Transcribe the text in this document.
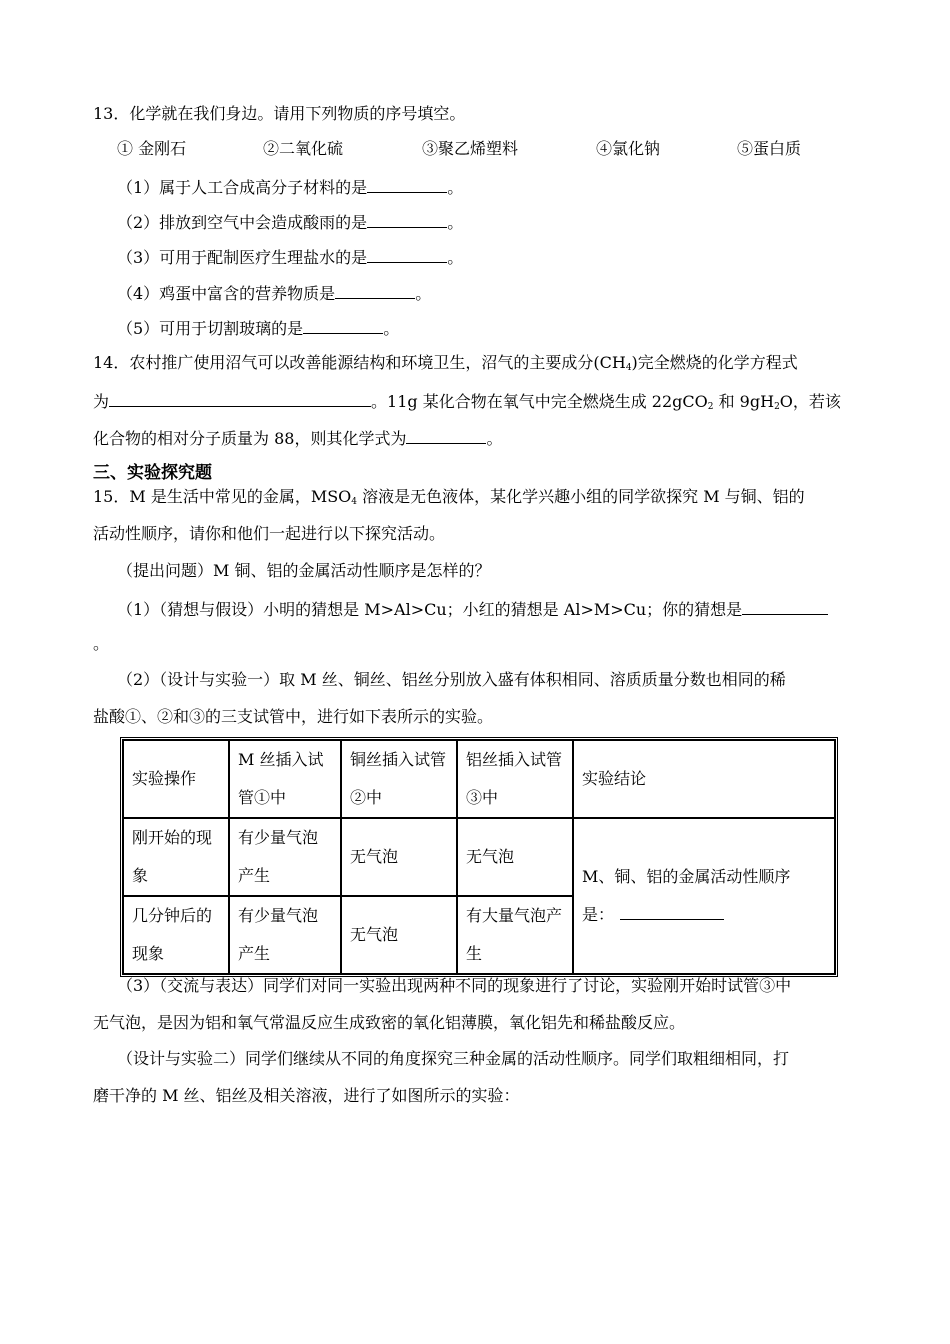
13．化学就在我们身边。请用下列物质的序号填空。
① 金刚石	②二氧化硫	③聚乙烯塑料	④氯化钠	⑤蛋白质
（1）属于人工合成高分子材料的是	。
（2）排放到空气中会造成酸雨的是	。
（3）可用于配制医疗生理盐水的是	。
（4）鸡蛋中富含的营养物质是	。
（5）可用于切割玻璃的是	。
14．农村推广使用沼气可以改善能源结构和环境卫生，沼气的主要成分$(CH_4)$完全燃烧的化学方程式
为	。11g 某化合物在氧气中完全燃烧生成 22gCO$_2$ 和 $9gH_2O$，若该
化合物的相对分子质量为 88，则其化学式为	。
三、实验探究题
15．M 是生活中常见的金属，$MSO_4$ 溶液是无色液体，某化学兴趣小组的同学欲探究 M 与铜、铝的
活动性顺序，请你和他们一起进行以下探究活动。
（提出问题）M 铜、铝的金属活动性顺序是怎样的？
（1）（猜想与假设）小明的猜想是 M>Al>Cu；小红的猜想是 Al>M>Cu；你的猜想是
。
（2）（设计与实验一）取 M 丝、铜丝、铝丝分别放入盛有体积相同、溶质质量分数也相同的稀
盐酸①、②和③的三支试管中，进行如下表所示的实验。
实验操作	M 丝插入试管①中	铜丝插入试管②中	铝丝插入试管③中	实验结论
刚开始的现象	有少量气泡产生	无气泡	无气泡	M、铜、铝的金属活动性顺序
是：

几分钟后的现象	有少量气泡产生	无气泡	有大量气泡产生	
（3）（交流与表达）同学们对同一实验出现两种不同的现象进行了讨论，实验刚开始时试管③中
无气泡，是因为铝和氧气常温反应生成致密的氧化铝薄膜，氧化铝先和稀盐酸反应。
（设计与实验二）同学们继续从不同的角度探究三种金属的活动性顺序。同学们取粗细相同，打
磨干净的 M 丝、铝丝及相关溶液，进行了如图所示的实验：
